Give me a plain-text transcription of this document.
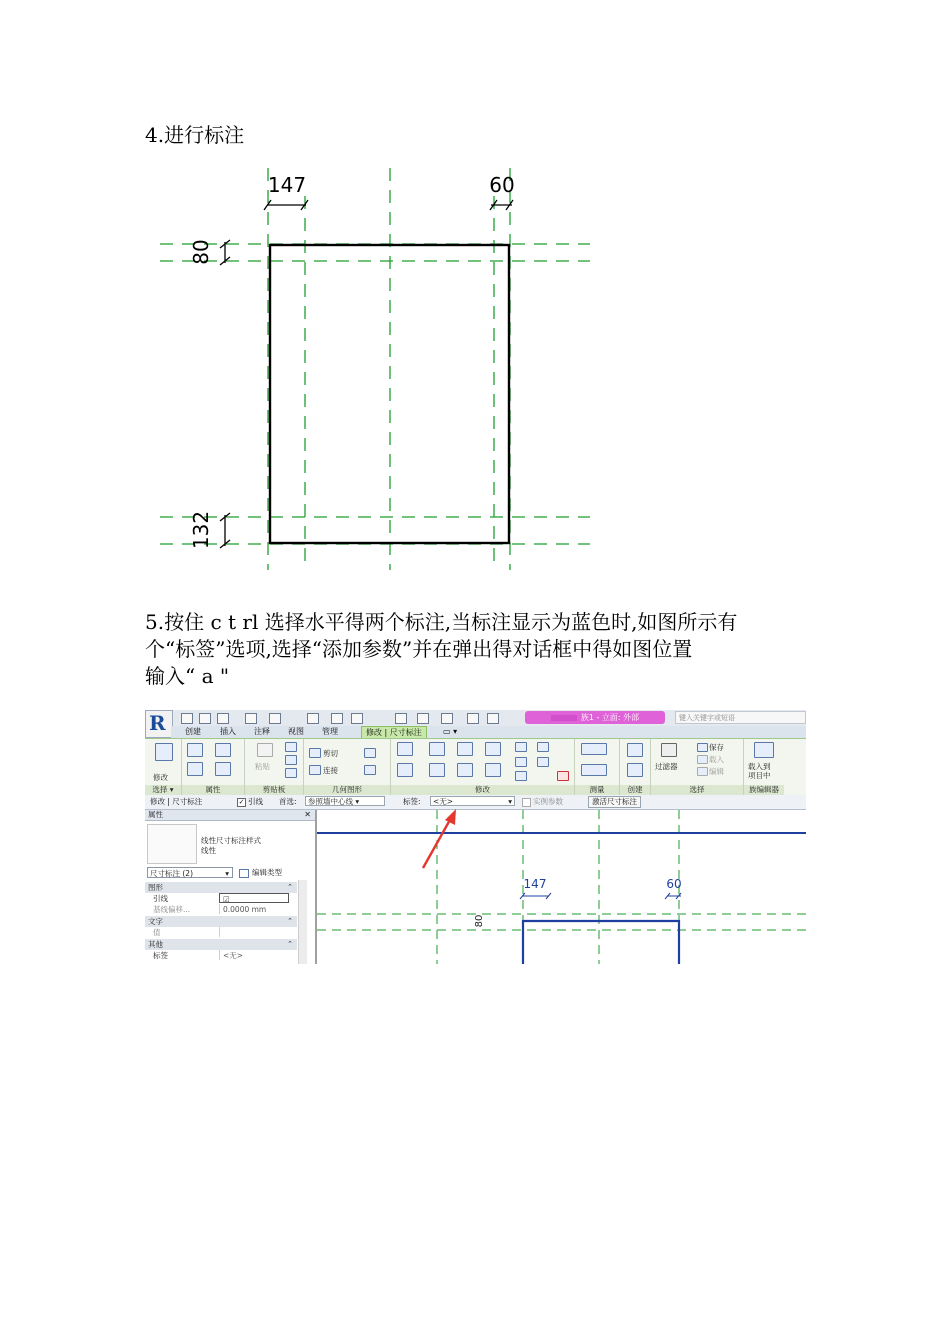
4.进行标注
147	60
80
132
5.按住 c t rl 选择水平得两个标注,当标注显示为蓝色时,如图所示有
个“标签”选项,选择“添加参数”并在弹出得对话框中得如图位置
输入“ a "
族1 - 立面: 外部	键入关键字或短语
R	创建	插入	注释	视图	管理	修改 | 尺寸标注	▭ ▾
修改
选择 ▾	属性
粘贴
剪贴板
剪切
连接
几何图形	修改	测量	创建
过滤器
保存
载入
编辑
选择
载入到
项目中
族编辑器
修改 | 尺寸标注	✓ 引线 首选:	参照墙中心线 ▾	标签:	<无>	▾	实例参数	激活尺寸标注
属性	✕
线性尺寸标注样式
线性
尺寸标注 (2)	▾	编辑类型
图形	⌃
引线	☑
基线偏移...	0.0000 mm
文字	⌃
值
其他	⌃
标签	<无>
147	60
80
